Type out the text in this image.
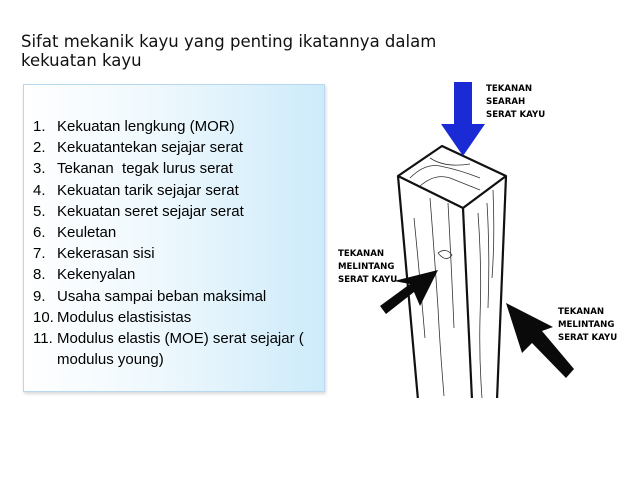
Sifat mekanik kayu yang penting ikatannya dalam kekuatan kayu
1. Kekuatan lengkung (MOR)
2. Kekuatantekan sejajar serat
3. Tekanan  tegak lurus serat
4. Kekuatan tarik sejajar serat
5. Kekuatan seret sejajar serat
6. Keuletan
7. Kekerasan sisi
8. Kekenyalan
9. Usaha sampai beban maksimal
10. Modulus elastisistas
11. Modulus elastis (MOE) serat sejajar ( modulus young)
TEKANAN SEARAH SERAT KAYU
TEKANAN MELINTANG SERAT KAYU
TEKANAN MELINTANG SERAT KAYU
